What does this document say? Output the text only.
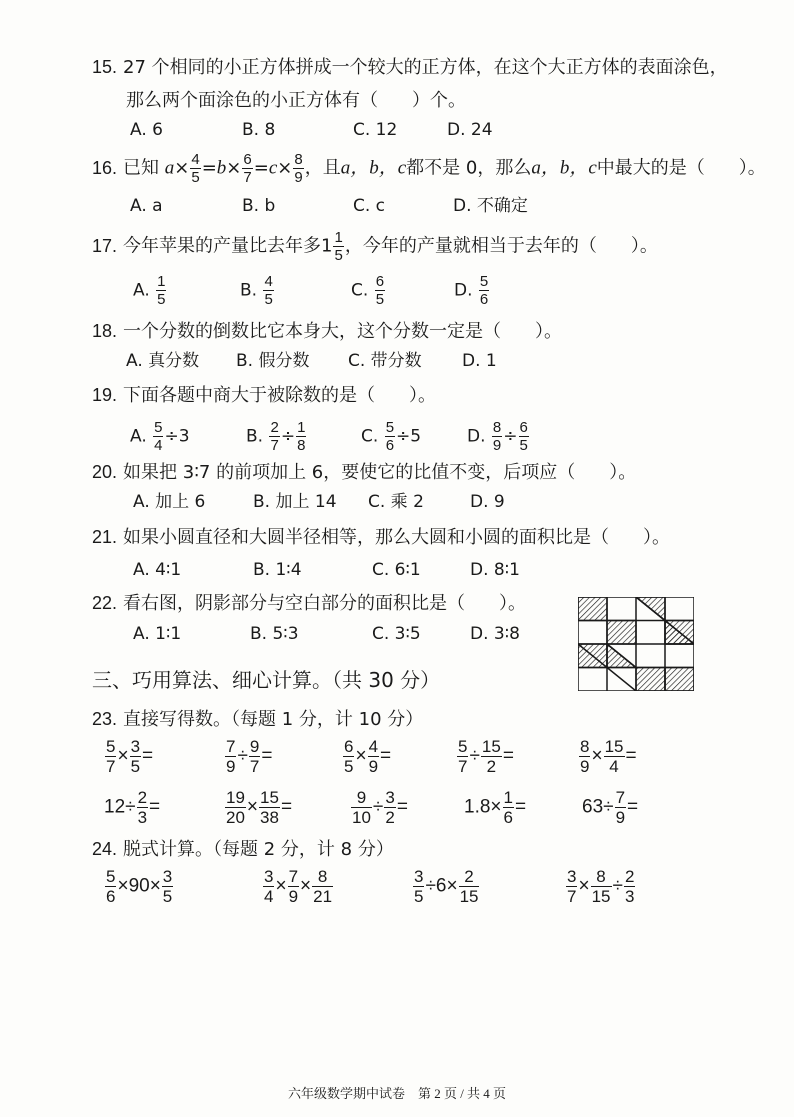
15. 27 个相同的小正方体拼成一个较大的正方体，在这个大正方体的表面涂色，
那么两个面涂色的小正方体有（ ）个。
A. 6	B. 8	C. 12	D. 24
16. 已知 $a\times \frac{4}{5} =b\times \frac{6}{7} =c\times \frac{8}{9}$ ，且a，b，c都不是 0，那么a，b，c中最大的是（ ）。
A. a	B. b	C. c	D. 不确定
17. 今年苹果的产量比去年多$1 \frac{1}{5}$ ，今年的产量就相当于去年的（ ）。
A. $\frac{1}{5}$	B. $\frac{4}{5}$	C. $\frac{6}{5}$	D. $\frac{5}{6}$
18. 一个分数的倒数比它本身大，这个分数一定是（ ）。
A. 真分数 B. 假分数 C. 带分数 D. 1
19. 下面各题中商大于被除数的是（ ）。
A. $\frac{5}{4} \div 3$	B. $\frac{2}{7} \div \frac{1}{8}$	C. $\frac{5}{6} \div 5$	D. $\frac{8}{9} \div \frac{6}{5}$
20. 如果把 3∶7 的前项加上 6，要使它的比值不变，后项应（ ）。
A. 加上 6	B. 加上 14 C. 乘 2	D. 9
21. 如果小圆直径和大圆半径相等，那么大圆和小圆的面积比是（ ）。
A. 4∶1	B. 1∶4	C. 6∶1	D. 8∶1
22. 看右图，阴影部分与空白部分的面积比是（ ）。
A. 1∶1	B. 5∶3	C. 3∶5	D. 3∶8
三、巧用算法、细心计算。（共 30 分）
23. 直接写得数。（每题 1 分，计 10 分）
$\frac{5}{7} \times \frac{3}{5}$ =	$\frac{7}{9} \div \frac{9}{7}$ =	$\frac{6}{5} \times \frac{4}{9}$ =	$\frac{5}{7} \div \frac{15}{2}$ =	$\frac{8}{9} \times \frac{15}{4}$ =
$12\div \frac{2}{3}$ =	$\frac{19}{20} \times \frac{15}{38}$ =	$\frac{9}{10} \div \frac{3}{2}$ =	$1.8\times \frac{1}{6}$ =	$63\div \frac{7}{9}$ =
24. 脱式计算。（每题 2 分，计 8 分）
$\frac{5}{6} \times 90\times \frac{3}{5}$	$\frac{3}{4} \times \frac{7}{9} \times \frac{8}{21}$	$\frac{3}{5} \div 6\times \frac{2}{15}$	$\frac{3}{7} \times \frac{8}{15} \div \frac{2}{3}$
六年级数学期中试卷　第 2 页 / 共 4 页
